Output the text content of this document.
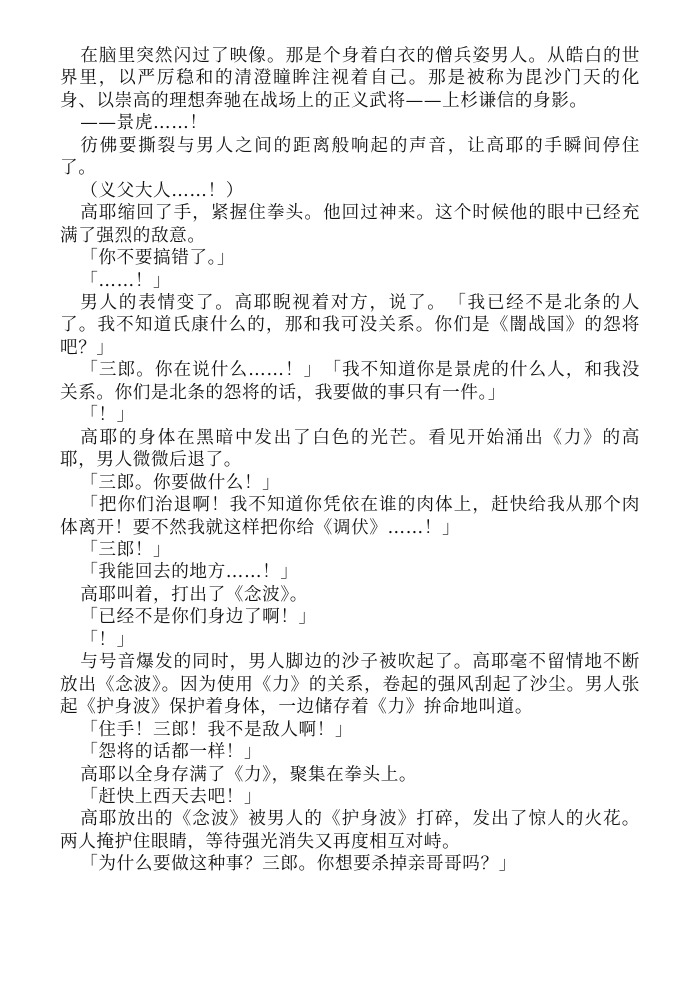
在脑里突然闪过了映像。那是个身着白衣的僧兵姿男人。从皓白的世界里，以严厉稳和的清澄瞳眸注视着自己。那是被称为毘沙门天的化身、以崇高的理想奔驰在战场上的正义武将——上杉谦信的身影。

——景虎……！

彷佛要撕裂与男人之间的距离般响起的声音，让高耶的手瞬间停住了。

（义父大人……！）

高耶缩回了手，紧握住拳头。他回过神来。这个时候他的眼中已经充满了强烈的敌意。

「你不要搞错了。」

「……！」

男人的表情变了。高耶睨视着对方，说了。　「我已经不是北条的人了。我不知道氏康什么的，那和我可没关系。你们是《闇战国》的怨将吧？」

「三郎。你在说什么……！」　「我不知道你是景虎的什么人，和我没关系。你们是北条的怨将的话，我要做的事只有一件。」

「！」

高耶的身体在黑暗中发出了白色的光芒。看见开始涌出《力》的高耶，男人微微后退了。

「三郎。你要做什么！」

「把你们治退啊！我不知道你凭依在谁的肉体上，赶快给我从那个肉体离开！要不然我就这样把你给《调伏》……！」

「三郎！」

「我能回去的地方……！」

高耶叫着，打出了《念波》。

「已经不是你们身边了啊！」

「！」

与号音爆发的同时，男人脚边的沙子被吹起了。高耶毫不留情地不断放出《念波》。因为使用《力》的关系，卷起的强风刮起了沙尘。男人张起《护身波》保护着身体，一边储存着《力》拚命地叫道。

「住手！三郎！我不是敌人啊！」

「怨将的话都一样！」

高耶以全身存满了《力》，聚集在拳头上。

「赶快上西天去吧！」

高耶放出的《念波》被男人的《护身波》打碎，发出了惊人的火花。两人掩护住眼睛，等待强光消失又再度相互对峙。

「为什么要做这种事？三郎。你想要杀掉亲哥哥吗？」
